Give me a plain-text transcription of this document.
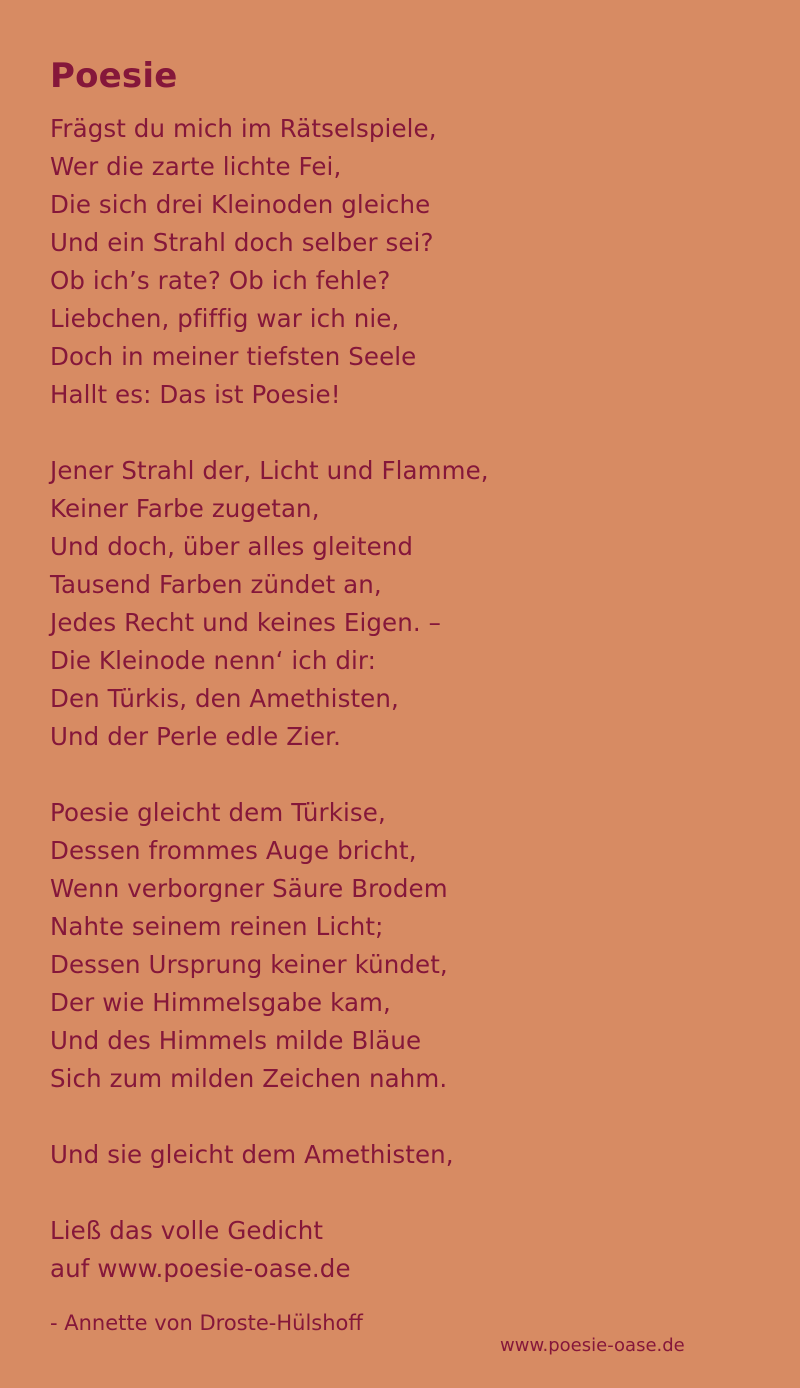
Poesie
Frägst du mich im Rätselspiele,
Wer die zarte lichte Fei,
Die sich drei Kleinoden gleiche
Und ein Strahl doch selber sei?
Ob ich’s rate? Ob ich fehle?
Liebchen, pfiffig war ich nie,
Doch in meiner tiefsten Seele
Hallt es: Das ist Poesie!
Jener Strahl der, Licht und Flamme,
Keiner Farbe zugetan,
Und doch, über alles gleitend
Tausend Farben zündet an,
Jedes Recht und keines Eigen. –
Die Kleinode nenn‘ ich dir:
Den Türkis, den Amethisten,
Und der Perle edle Zier.
Poesie gleicht dem Türkise,
Dessen frommes Auge bricht,
Wenn verborgner Säure Brodem
Nahte seinem reinen Licht;
Dessen Ursprung keiner kündet,
Der wie Himmelsgabe kam,
Und des Himmels milde Bläue
Sich zum milden Zeichen nahm.
Und sie gleicht dem Amethisten,
Ließ das volle Gedicht
auf www.poesie-oase.de

- Annette von Droste-Hülshoff

www.poesie-oase.de
